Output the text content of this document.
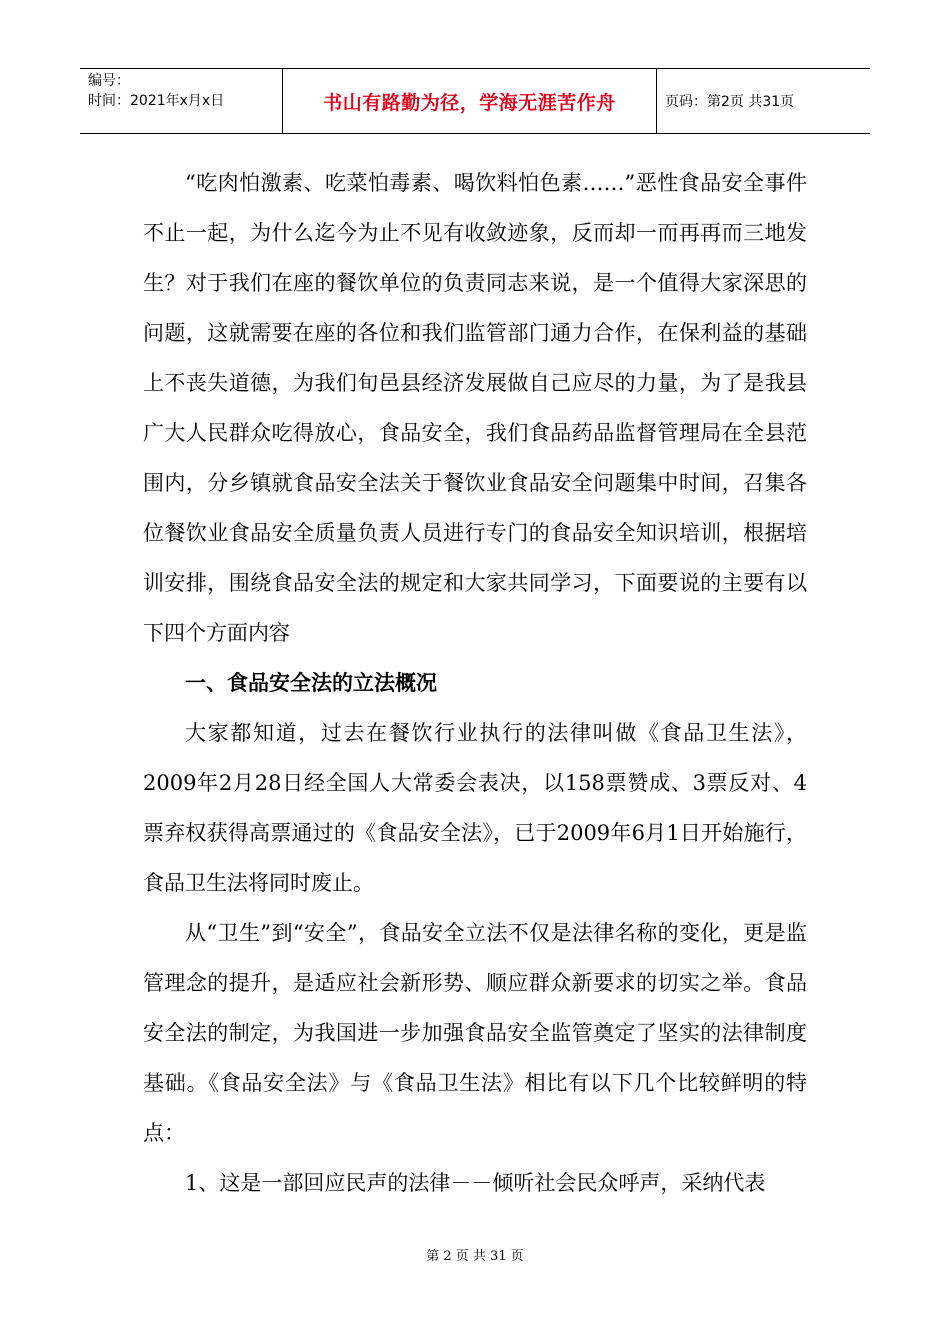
编号：
时间：2021年x月x日	书山有路勤为径，学海无涯苦作舟	页码：第2页 共31页

“吃肉怕激素、吃菜怕毒素、喝饮料怕色素……”恶性食品安全事件不止一起，为什么迄今为止不见有收敛迹象，反而却一而再再而三地发生？对于我们在座的餐饮单位的负责同志来说，是一个值得大家深思的问题，这就需要在座的各位和我们监管部门通力合作，在保利益的基础上不丧失道德，为我们旬邑县经济发展做自己应尽的力量，为了是我县广大人民群众吃得放心，食品安全，我们食品药品监督管理局在全县范围内，分乡镇就食品安全法关于餐饮业食品安全问题集中时间，召集各位餐饮业食品安全质量负责人员进行专门的食品安全知识培训，根据培训安排，围绕食品安全法的规定和大家共同学习，下面要说的主要有以下四个方面内容

一、食品安全法的立法概况

大家都知道，过去在餐饮行业执行的法律叫做《食品卫生法》，2009年2月28日经全国人大常委会表决，以158票赞成、3票反对、4票弃权获得高票通过的《食品安全法》，已于2009年6月1日开始施行，食品卫生法将同时废止。

从“卫生”到“安全”，食品安全立法不仅是法律名称的变化，更是监管理念的提升，是适应社会新形势、顺应群众新要求的切实之举。食品安全法的制定，为我国进一步加强食品安全监管奠定了坚实的法律制度基础。《食品安全法》与《食品卫生法》相比有以下几个比较鲜明的特点：

1、这是一部回应民声的法律－－倾听社会民众呼声，采纳代表

第 2 页 共 31 页
